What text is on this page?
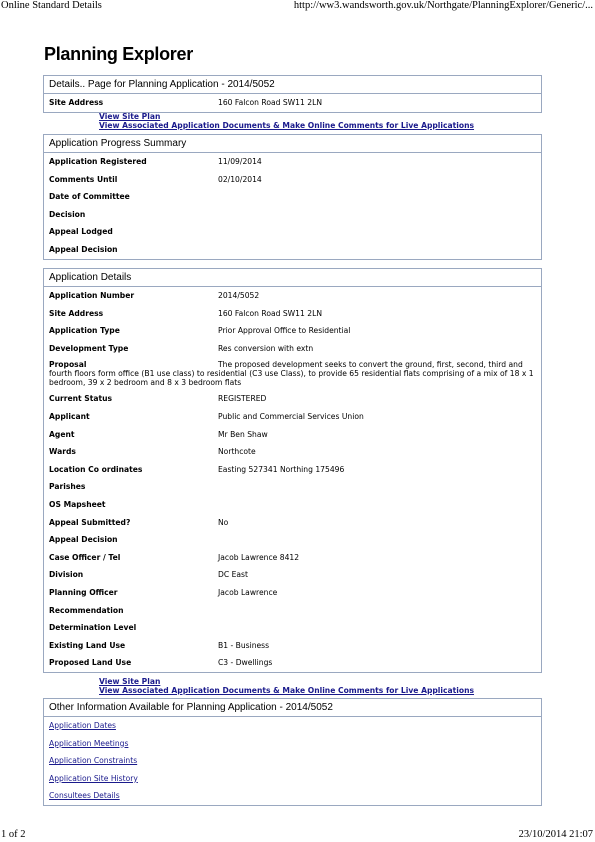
Online Standard Details	http://ww3.wandsworth.gov.uk/Northgate/PlanningExplorer/Generic/...
Planning Explorer
Details.. Page for Planning Application - 2014/5052
Site Address	160 Falcon Road SW11 2LN
View Site Plan
View Associated Application Documents & Make Online Comments for Live Applications
Application Progress Summary
Application Registered	11/09/2014
Comments Until	02/10/2014
Date of Committee
Decision
Appeal Lodged
Appeal Decision
Application Details
Application Number	2014/5052
Site Address	160 Falcon Road SW11 2LN
Application Type	Prior Approval Office to Residential
Development Type	Res conversion with extn
Proposal	The proposed development seeks to convert the ground, first, second, third and fourth floors form office (B1 use class) to residential (C3 use Class), to provide 65 residential flats comprising of a mix of 18 x 1 bedroom, 39 x 2 bedroom and 8 x 3 bedroom flats
Current Status	REGISTERED
Applicant	Public and Commercial Services Union
Agent	Mr Ben Shaw
Wards	Northcote
Location Co ordinates	Easting 527341 Northing 175496
Parishes
OS Mapsheet
Appeal Submitted?	No
Appeal Decision
Case Officer / Tel	Jacob Lawrence 8412
Division	DC East
Planning Officer	Jacob Lawrence
Recommendation
Determination Level
Existing Land Use	B1 - Business
Proposed Land Use	C3 - Dwellings
View Site Plan
View Associated Application Documents & Make Online Comments for Live Applications
Other Information Available for Planning Application - 2014/5052
Application Dates
Application Meetings
Application Constraints
Application Site History
Consultees Details
1 of 2	23/10/2014 21:07
